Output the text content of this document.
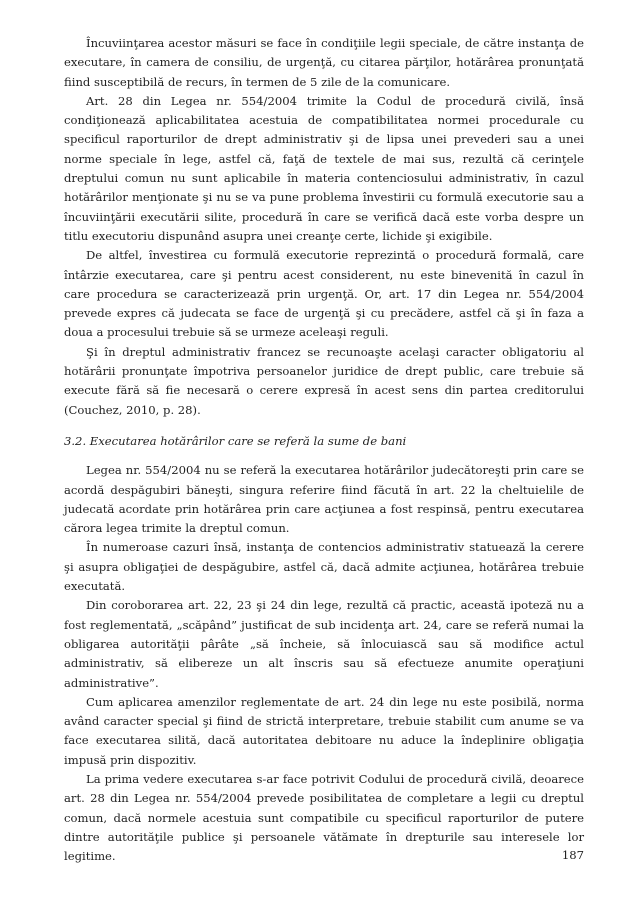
Încuviinţarea acestor măsuri se face în condiţiile legii speciale, de către instanţa de executare, în camera de consiliu, de urgenţă, cu citarea părţilor, hotărârea pronunţată fiind susceptibilă de recurs, în termen de 5 zile de la comunicare.

Art. 28 din Legea nr. 554/2004 trimite la Codul de procedură civilă, însă condiţionează aplicabilitatea acestuia de compatibilitatea normei procedurale cu specificul raporturilor de drept administrativ şi de lipsa unei prevederi sau a unei norme speciale în lege, astfel că, faţă de textele de mai sus, rezultă că cerinţele dreptului comun nu sunt aplicabile în materia contenciosului administrativ, în cazul hotărârilor menţionate şi nu se va pune problema învestirii cu formulă executorie sau a încuviinţării executării silite, procedură în care se verifică dacă este vorba despre un titlu executoriu dispunând asupra unei creanţe certe, lichide şi exigibile.

De altfel, învestirea cu formulă executorie reprezintă o procedură formală, care întârzie executarea, care şi pentru acest considerent, nu este binevenită în cazul în care procedura se caracterizează prin urgenţă. Or, art. 17 din Legea nr. 554/2004 prevede expres că judecata se face de urgenţă şi cu precădere, astfel că şi în faza a doua a procesului trebuie să se urmeze aceleaşi reguli.

Şi în dreptul administrativ francez se recunoaşte acelaşi caracter obligatoriu al hotărârii pronunţate împotriva persoanelor juridice de drept public, care trebuie să execute fără să fie necesară o cerere expresă în acest sens din partea creditorului (Couchez, 2010, p. 28).

3.2. Executarea hotărârilor care se referă la sume de bani

Legea nr. 554/2004 nu se referă la executarea hotărârilor judecătoreşti prin care se acordă despăgubiri băneşti, singura referire fiind făcută în art. 22 la cheltuielile de judecată acordate prin hotărârea prin care acţiunea a fost respinsă, pentru executarea cărora legea trimite la dreptul comun.

În numeroase cazuri însă, instanţa de contencios administrativ statuează la cerere şi asupra obligaţiei de despăgubire, astfel că, dacă admite acţiunea, hotărârea trebuie executată.

Din coroborarea art. 22, 23 şi 24 din lege, rezultă că practic, această ipoteză nu a fost reglementată, „scăpând” justificat de sub incidenţa art. 24, care se referă numai la obligarea autorităţii pârâte „să încheie, să înlocuiască sau să modifice actul administrativ, să elibereze un alt înscris sau să efectueze anumite operaţiuni administrative”.

Cum aplicarea amenzilor reglementate de art. 24 din lege nu este posibilă, norma având caracter special şi fiind de strictă interpretare, trebuie stabilit cum anume se va face executarea silită, dacă autoritatea debitoare nu aduce la îndeplinire obligaţia impusă prin dispozitiv.

La prima vedere executarea s-ar face potrivit Codului de procedură civilă, deoarece art. 28 din Legea nr. 554/2004 prevede posibilitatea de completare a legii cu dreptul comun, dacă normele acestuia sunt compatibile cu specificul raporturilor de putere dintre autorităţile publice şi persoanele vătămate în drepturile sau interesele lor legitime.	187
